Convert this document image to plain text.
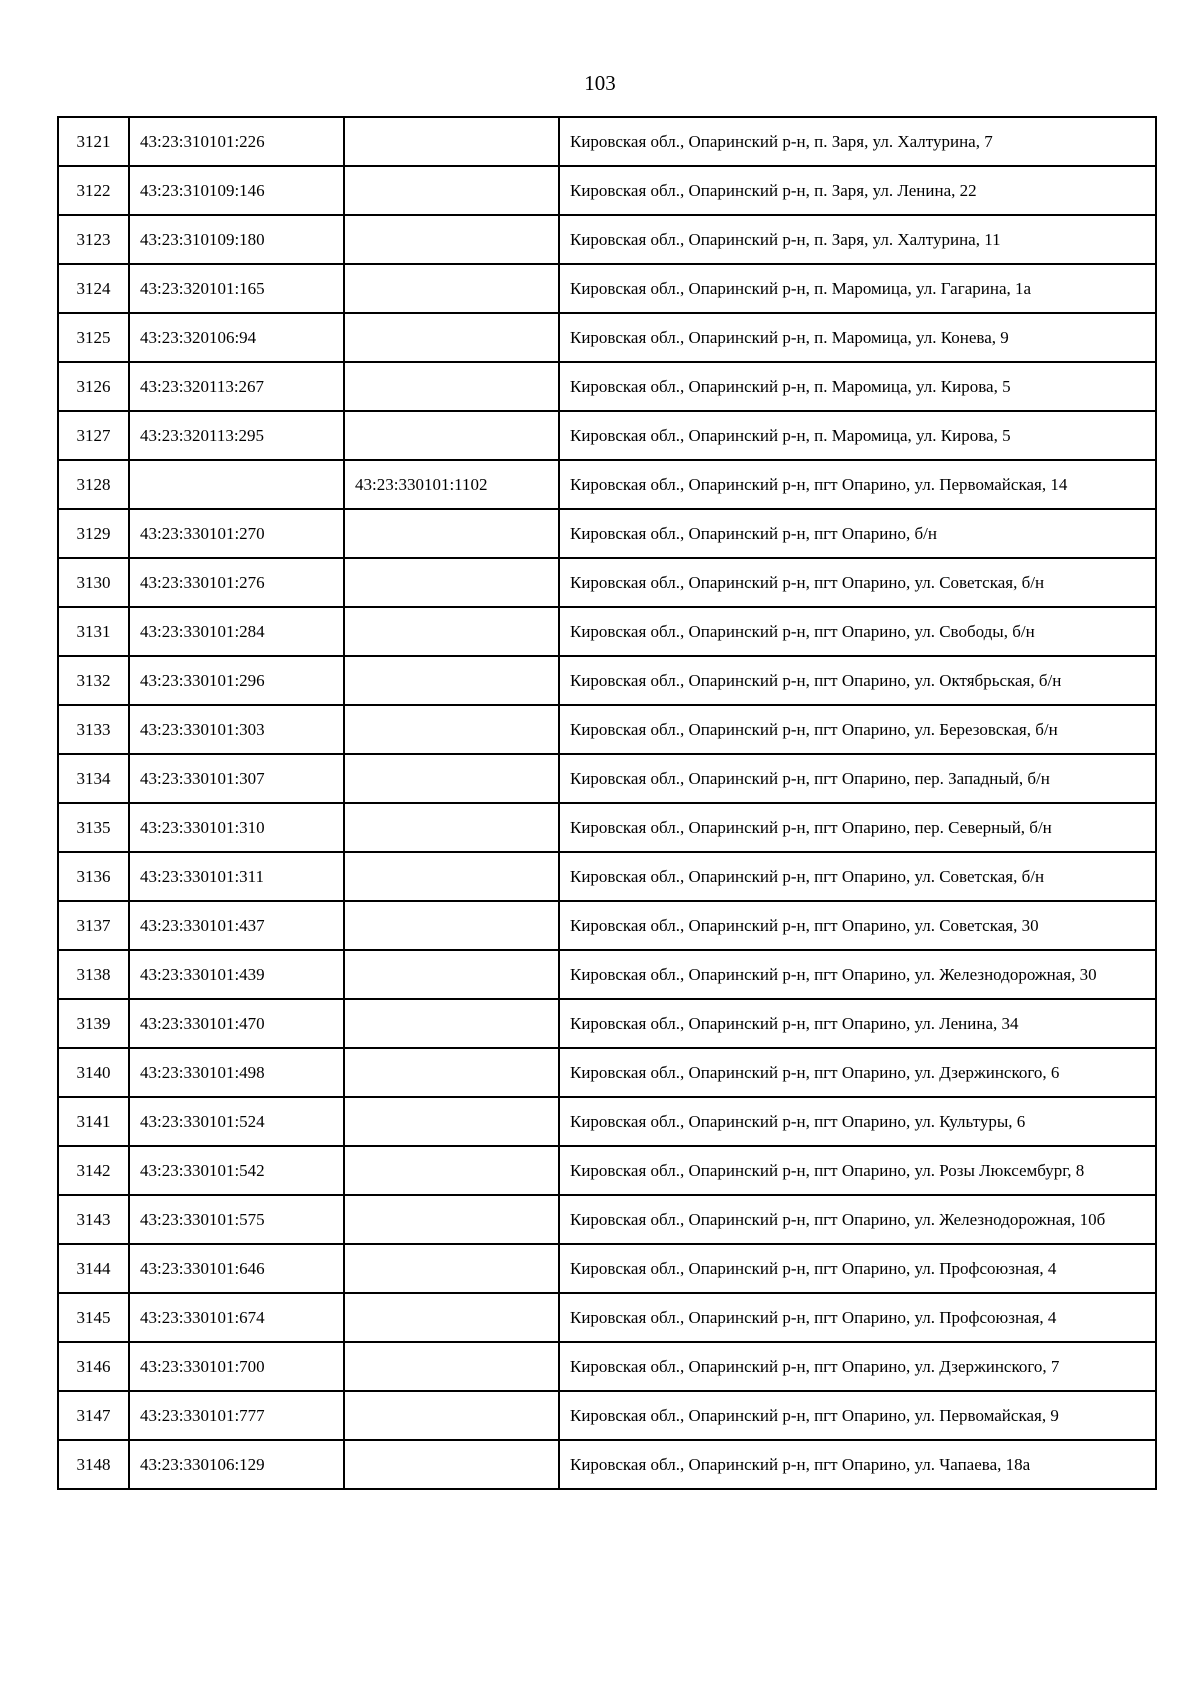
103
3121	43:23:310101:226		Кировская обл., Опаринский р-н, п. Заря, ул. Халтурина, 7
3122	43:23:310109:146		Кировская обл., Опаринский р-н, п. Заря, ул. Ленина, 22
3123	43:23:310109:180		Кировская обл., Опаринский р-н, п. Заря, ул. Халтурина, 11
3124	43:23:320101:165		Кировская обл., Опаринский р-н, п. Маромица, ул. Гагарина, 1а
3125	43:23:320106:94		Кировская обл., Опаринский р-н, п. Маромица, ул. Конева, 9
3126	43:23:320113:267		Кировская обл., Опаринский р-н, п. Маромица, ул. Кирова, 5
3127	43:23:320113:295		Кировская обл., Опаринский р-н, п. Маромица, ул. Кирова, 5
3128		43:23:330101:1102	Кировская обл., Опаринский р-н, пгт Опарино, ул. Первомайская, 14
3129	43:23:330101:270		Кировская обл., Опаринский р-н, пгт Опарино, б/н
3130	43:23:330101:276		Кировская обл., Опаринский р-н, пгт Опарино, ул. Советская, б/н
3131	43:23:330101:284		Кировская обл., Опаринский р-н, пгт Опарино, ул. Свободы, б/н
3132	43:23:330101:296		Кировская обл., Опаринский р-н, пгт Опарино, ул. Октябрьская, б/н
3133	43:23:330101:303		Кировская обл., Опаринский р-н, пгт Опарино, ул. Березовская, б/н
3134	43:23:330101:307		Кировская обл., Опаринский р-н, пгт Опарино, пер. Западный, б/н
3135	43:23:330101:310		Кировская обл., Опаринский р-н, пгт Опарино, пер. Северный, б/н
3136	43:23:330101:311		Кировская обл., Опаринский р-н, пгт Опарино, ул. Советская, б/н
3137	43:23:330101:437		Кировская обл., Опаринский р-н, пгт Опарино, ул. Советская, 30
3138	43:23:330101:439		Кировская обл., Опаринский р-н, пгт Опарино, ул. Железнодорожная, 30
3139	43:23:330101:470		Кировская обл., Опаринский р-н, пгт Опарино, ул. Ленина, 34
3140	43:23:330101:498		Кировская обл., Опаринский р-н, пгт Опарино, ул. Дзержинского, 6
3141	43:23:330101:524		Кировская обл., Опаринский р-н, пгт Опарино, ул. Культуры, 6
3142	43:23:330101:542		Кировская обл., Опаринский р-н, пгт Опарино, ул. Розы Люксембург, 8
3143	43:23:330101:575		Кировская обл., Опаринский р-н, пгт Опарино, ул. Железнодорожная, 10б
3144	43:23:330101:646		Кировская обл., Опаринский р-н, пгт Опарино, ул. Профсоюзная, 4
3145	43:23:330101:674		Кировская обл., Опаринский р-н, пгт Опарино, ул. Профсоюзная, 4
3146	43:23:330101:700		Кировская обл., Опаринский р-н, пгт Опарино, ул. Дзержинского, 7
3147	43:23:330101:777		Кировская обл., Опаринский р-н, пгт Опарино, ул. Первомайская, 9
3148	43:23:330106:129		Кировская обл., Опаринский р-н, пгт Опарино, ул. Чапаева, 18а
